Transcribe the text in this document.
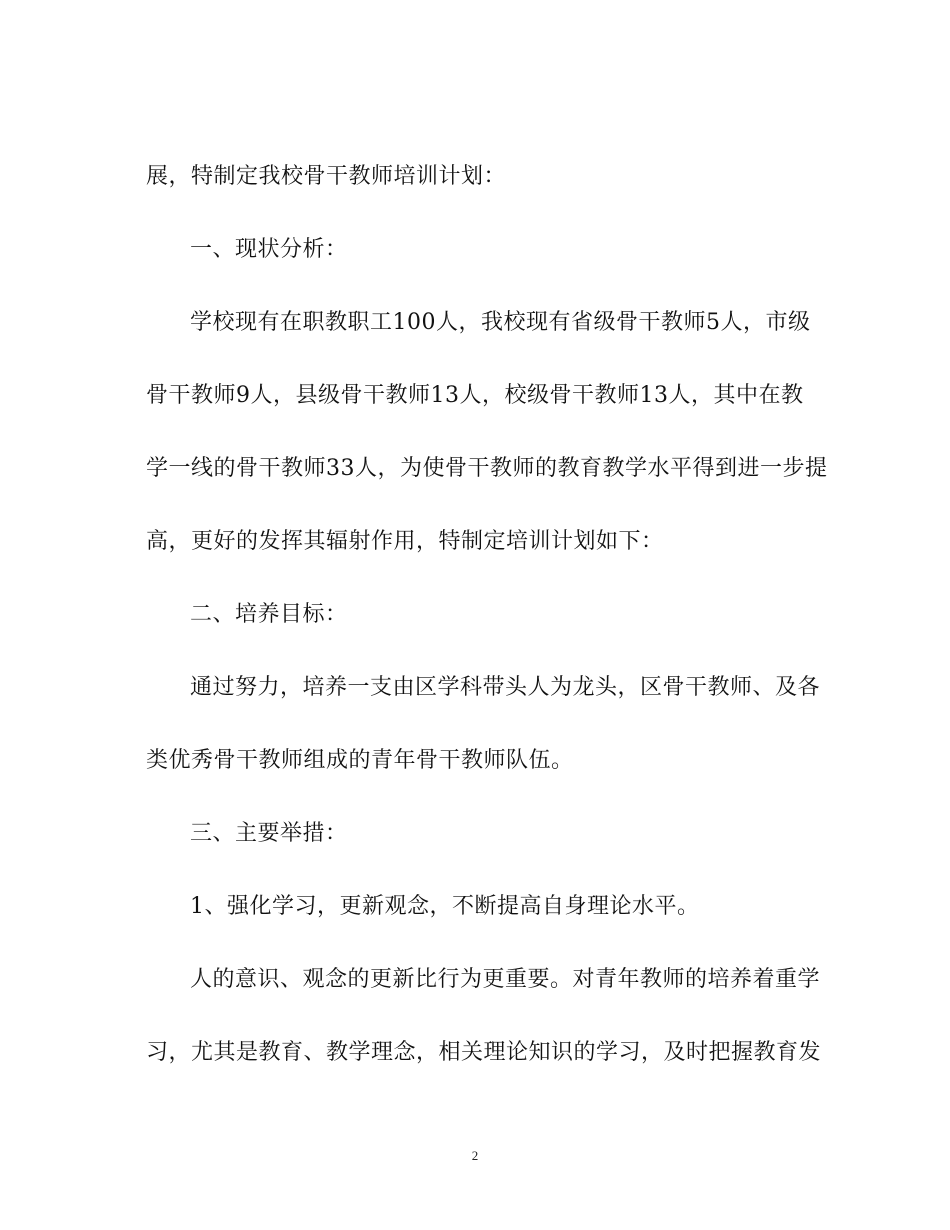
展，特制定我校骨干教师培训计划：
一、现状分析：
学校现有在职教职工100人，我校现有省级骨干教师5人，市级
骨干教师9人，县级骨干教师13人，校级骨干教师13人，其中在教
学一线的骨干教师33人，为使骨干教师的教育教学水平得到进一步提
高，更好的发挥其辐射作用，特制定培训计划如下：
二、培养目标：
通过努力，培养一支由区学科带头人为龙头，区骨干教师、及各
类优秀骨干教师组成的青年骨干教师队伍。
三、主要举措：
1、强化学习，更新观念，不断提高自身理论水平。
人的意识、观念的更新比行为更重要。对青年教师的培养着重学
习，尤其是教育、教学理念，相关理论知识的学习，及时把握教育发
2
